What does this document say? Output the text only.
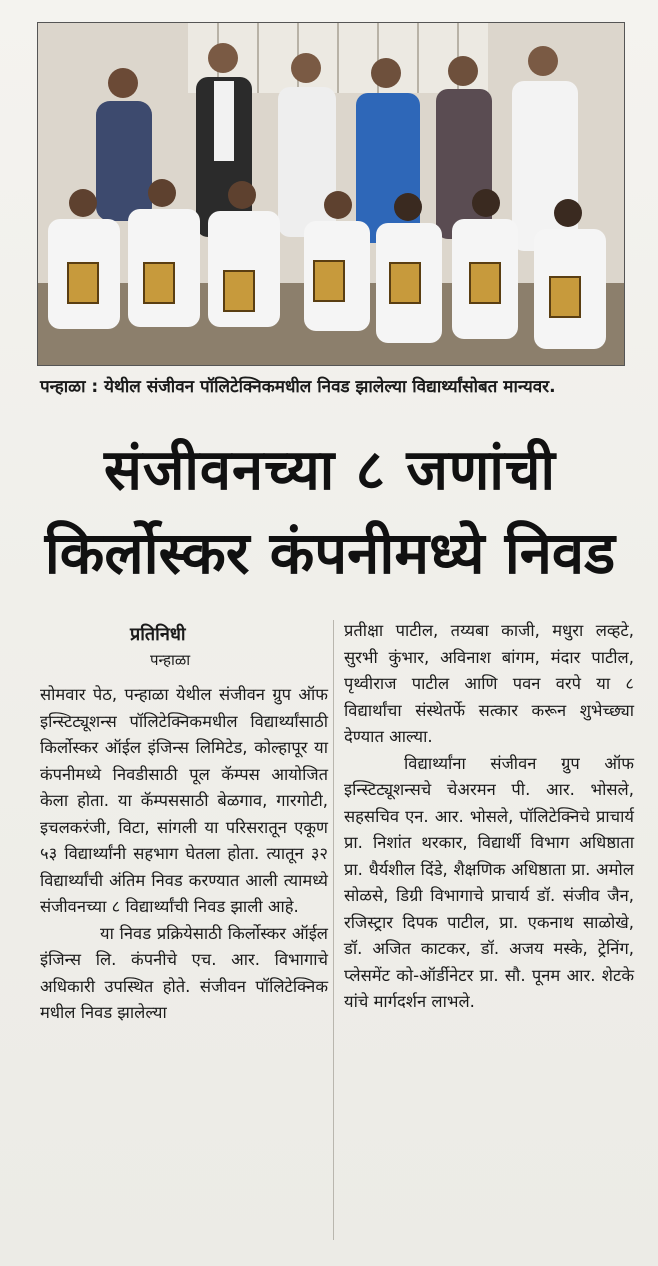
पन्हाळा : येथील संजीवन पॉलिटेक्निकमधील निवड झालेल्या विद्यार्थ्यांसोबत मान्यवर.
संजीवनच्या ८ जणांची
किर्लोस्कर कंपनीमध्ये निवड
प्रतिनिधी
पन्हाळा

सोमवार पेठ, पन्हाळा येथील संजीवन ग्रुप ऑफ इन्स्टिट्यूशन्स पॉलिटेक्निकमधील विद्यार्थ्यांसाठी किर्लोस्कर ऑईल इंजिन्स लिमिटेड, कोल्हापूर या कंपनीमध्ये निवडीसाठी पूल कॅम्पस आयोजित केला होता. या कॅम्पससाठी बेळगाव, गारगोटी, इचलकरंजी, विटा, सांगली या परिसरातून एकूण ५३ विद्यार्थ्यांनी सहभाग घेतला होता. त्यातून ३२ विद्यार्थ्यांची अंतिम निवड करण्यात आली त्यामध्ये संजीवनच्या ८ विद्यार्थ्यांची निवड झाली आहे.

या निवड प्रक्रियेसाठी किर्लोस्कर ऑईल इंजिन्स लि. कंपनीचे एच. आर. विभागाचे अधिकारी उपस्थित होते. संजीवन पॉलिटेक्निक मधील निवड झालेल्या

प्रतीक्षा पाटील, तय्यबा काजी, मधुरा लव्हटे, सुरभी कुंभार, अविनाश बांगम, मंदार पाटील, पृथ्वीराज पाटील आणि पवन वरपे या ८ विद्यार्थांचा संस्थेतर्फे सत्कार करून शुभेच्छ्या देण्यात आल्या.

विद्यार्थ्यांना संजीवन ग्रुप ऑफ इन्स्टिट्यूशन्सचे चेअरमन पी. आर. भोसले, सहसचिव एन. आर. भोसले, पॉलिटेक्निचे प्राचार्य प्रा. निशांत थरकार, विद्यार्थी विभाग अधिष्ठाता प्रा. धैर्यशील दिंडे, शैक्षणिक अधिष्ठाता प्रा. अमोल सोळसे, डिग्री विभागाचे प्राचार्य डॉ. संजीव जैन, रजिस्ट्रार दिपक पाटील, प्रा. एकनाथ साळोखे, डॉ. अजित काटकर, डॉ. अजय मस्के, ट्रेनिंग, प्लेसमेंट को-ऑर्डीनेटर प्रा. सौ. पूनम आर. शेटके यांचे मार्गदर्शन लाभले.
